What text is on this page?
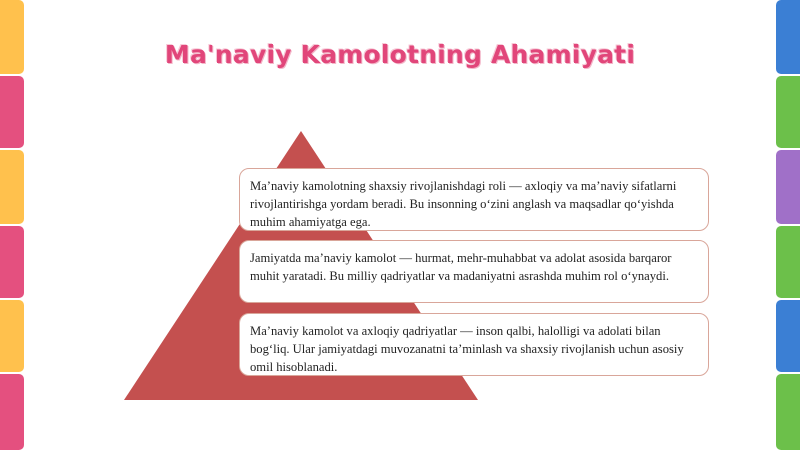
Ma'naviy Kamolotning Ahamiyati
Ma’naviy kamolotning shaxsiy rivojlanishdagi roli — axloqiy va ma’naviy sifatlarni rivojlantirishga yordam beradi. Bu insonning o‘zini anglash va maqsadlar qo‘yishda muhim ahamiyatga ega.
Jamiyatda ma’naviy kamolot — hurmat, mehr-muhabbat va adolat asosida barqaror muhit yaratadi. Bu milliy qadriyatlar va madaniyatni asrashda muhim rol o‘ynaydi.
Ma’naviy kamolot va axloqiy qadriyatlar — inson qalbi, halolligi va adolati bilan bog‘liq. Ular jamiyatdagi muvozanatni ta’minlash va shaxsiy rivojlanish uchun asosiy omil hisoblanadi.
